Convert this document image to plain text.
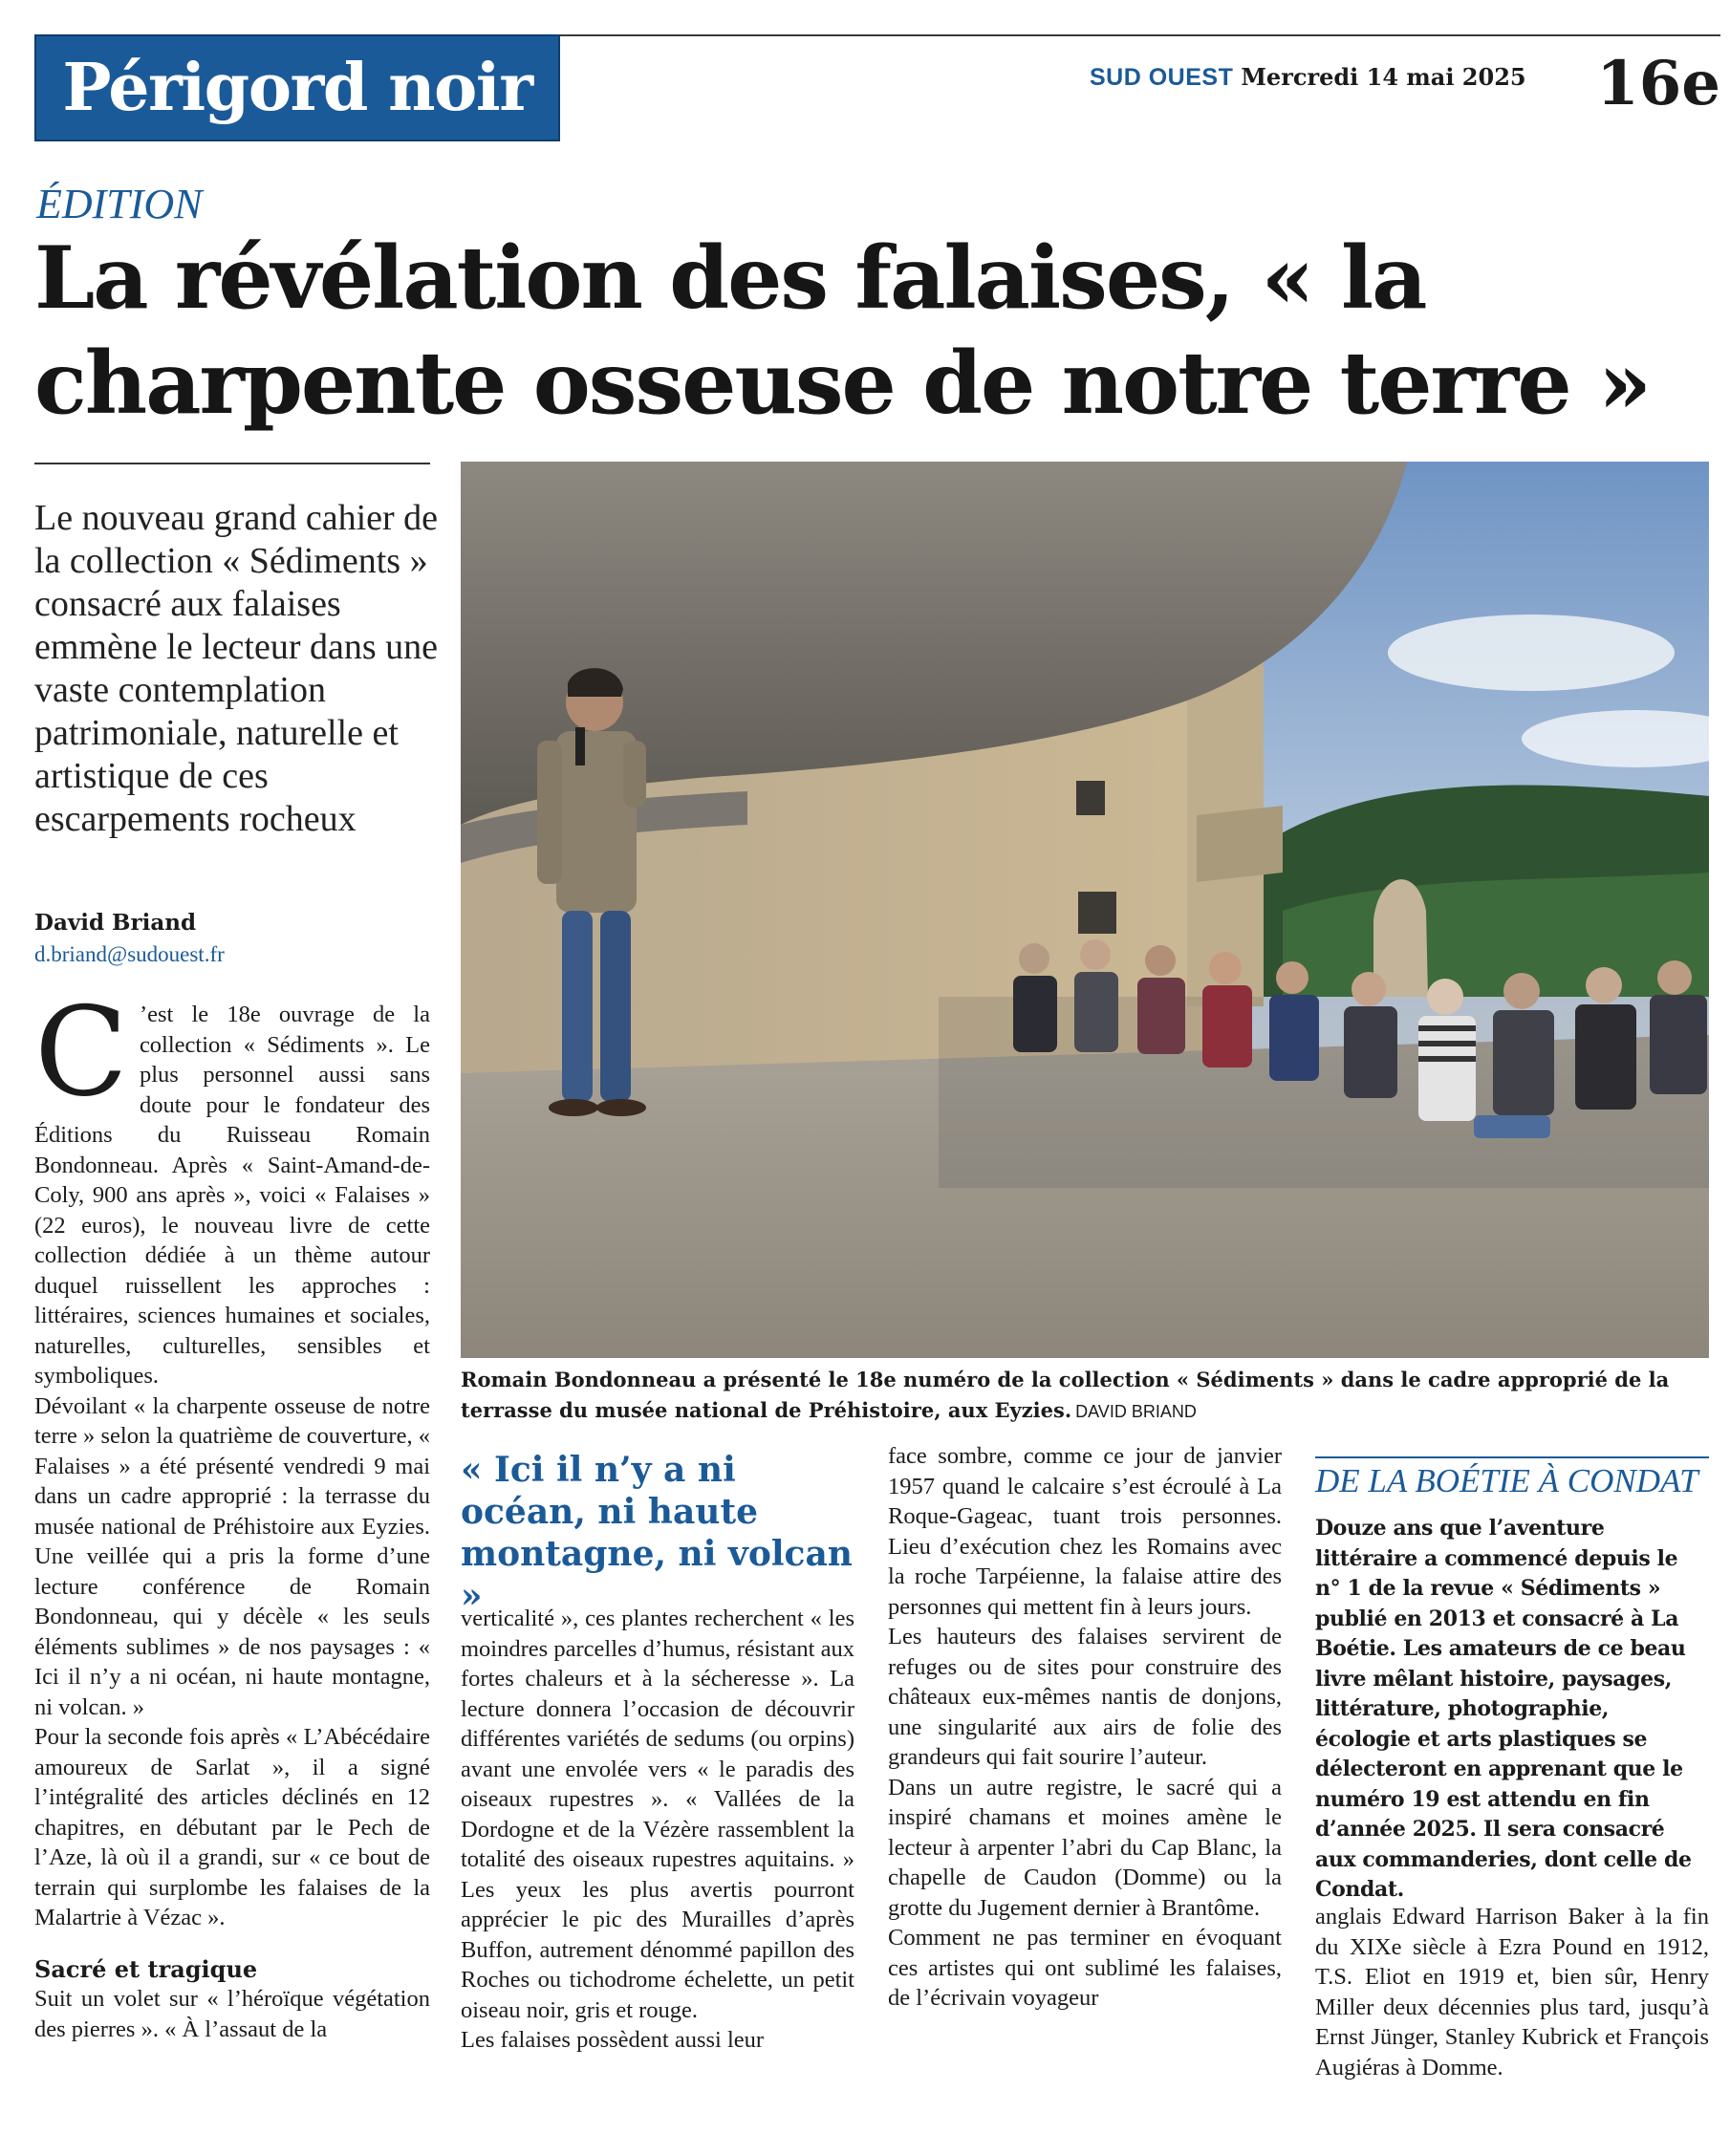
Périgord noir	SUD OUEST Mercredi 14 mai 2025 16e
ÉDITION
La révélation des falaises, « la charpente osseuse de notre terre »
Le nouveau grand cahier de la collection « Sédiments » consacré aux falaises emmène le lecteur dans une vaste contemplation patrimoniale, naturelle et artistique de ces escarpements rocheux
David Briand
d.briand@sudouest.fr
C ’est le 18e ouvrage de la collection « Sédiments ». Le plus personnel aussi sans doute pour le fondateur des Éditions du Ruisseau Romain Bondonneau. Après « Saint-Amand-de-Coly, 900 ans après », voici « Falaises » (22 euros), le nouveau livre de cette collection dédiée à un thème autour duquel ruissellent les approches : littéraires, sciences humaines et sociales, naturelles, culturelles, sensibles et symboliques.

Dévoilant « la charpente osseuse de notre terre » selon la quatrième de couverture, « Falaises » a été présenté vendredi 9 mai dans un cadre approprié : la terrasse du musée national de Préhistoire aux Eyzies. Une veillée qui a pris la forme d’une lecture conférence de Romain Bondonneau, qui y décèle « les seuls éléments sublimes » de nos paysages : « Ici il n’y a ni océan, ni haute montagne, ni volcan. »

Pour la seconde fois après « L’Abécédaire amoureux de Sarlat », il a signé l’intégralité des articles déclinés en 12 chapitres, en débutant par le Pech de l’Aze, là où il a grandi, sur « ce bout de terrain qui surplombe les falaises de la Malartrie à Vézac ».

Sacré et tragique

Suit un volet sur « l’héroïque végétation des pierres ». « À l’assaut de la

Romain Bondonneau a présenté le 18e numéro de la collection « Sédiments » dans le cadre approprié de la terrasse du musée national de Préhistoire, aux Eyzies. DAVID BRIAND
« Ici il n’y a ni océan, ni haute montagne, ni volcan »

verticalité », ces plantes recherchent « les moindres parcelles d’humus, résistant aux fortes chaleurs et à la sécheresse ». La lecture donnera l’occasion de découvrir différentes variétés de sedums (ou orpins) avant une envolée vers « le paradis des oiseaux rupestres ». « Vallées de la Dordogne et de la Vézère rassemblent la totalité des oiseaux rupestres aquitains. » Les yeux les plus avertis pourront apprécier le pic des Murailles d’après Buffon, autrement dénommé papillon des Roches ou tichodrome échelette, un petit oiseau noir, gris et rouge.

Les falaises possèdent aussi leur

face sombre, comme ce jour de janvier 1957 quand le calcaire s’est écroulé à La Roque-Gageac, tuant trois personnes. Lieu d’exécution chez les Romains avec la roche Tarpéienne, la falaise attire des personnes qui mettent fin à leurs jours.

Les hauteurs des falaises servirent de refuges ou de sites pour construire des châteaux eux-mêmes nantis de donjons, une singularité aux airs de folie des grandeurs qui fait sourire l’auteur.

Dans un autre registre, le sacré qui a inspiré chamans et moines amène le lecteur à arpenter l’abri du Cap Blanc, la chapelle de Caudon (Domme) ou la grotte du Jugement dernier à Brantôme.

Comment ne pas terminer en évoquant ces artistes qui ont sublimé les falaises, de l’écrivain voyageur

DE LA BOÉTIE À CONDAT
Douze ans que l’aventure littéraire a commencé depuis le n° 1 de la revue « Sédiments » publié en 2013 et consacré à La Boétie. Les amateurs de ce beau livre mêlant histoire, paysages, littérature, photographie, écologie et arts plastiques se délecteront en apprenant que le numéro 19 est attendu en fin d’année 2025. Il sera consacré aux commanderies, dont celle de Condat.

anglais Edward Harrison Baker à la fin du XIXe siècle à Ezra Pound en 1912, T.S. Eliot en 1919 et, bien sûr, Henry Miller deux décennies plus tard, jusqu’à Ernst Jünger, Stanley Kubrick et François Augiéras à Domme.
